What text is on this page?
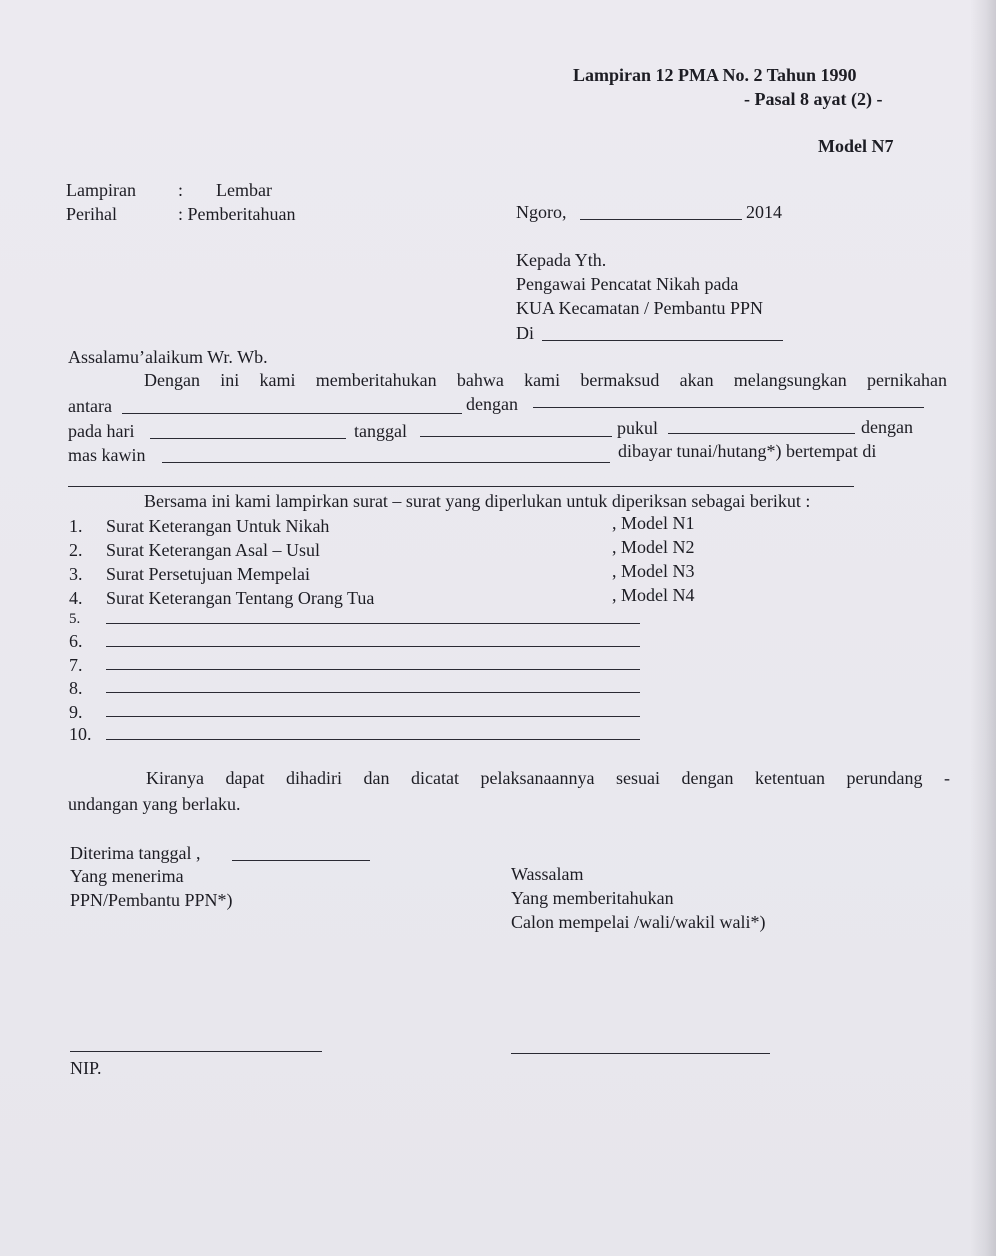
Lampiran 12 PMA No. 2 Tahun 1990
- Pasal 8 ayat (2) -
Model N7
Lampiran : Lembar
Perihal	: Pemberitahuan	Ngoro,	2014
Kepada Yth.
Pengawai Pencatat Nikah pada
KUA Kecamatan / Pembantu PPN
Di
Assalamu’alaikum Wr. Wb.
Dengan ini kami memberitahukan bahwa kami bermaksud akan melangsungkan pernikahan
antara	dengan
pada hari	tanggal	pukul	dengan
mas kawin	dibayar tunai/hutang*) bertempat di
Bersama ini kami lampirkan surat – surat yang diperlukan untuk diperiksan sebagai berikut :
1. Surat Keterangan Untuk Nikah	, Model N1
2. Surat Keterangan Asal – Usul	, Model N2
3. Surat Persetujuan Mempelai	, Model N3
4. Surat Keterangan Tentang Orang Tua	, Model N4
5.
6.
7.
8.
9.
10.
Kiranya dapat dihadiri dan dicatat pelaksanaannya sesuai dengan ketentuan perundang -
undangan yang berlaku.
Diterima tanggal ,
Yang menerima
PPN/Pembantu PPN*)
Wassalam
Yang memberitahukan
Calon mempelai /wali/wakil wali*)
NIP.
